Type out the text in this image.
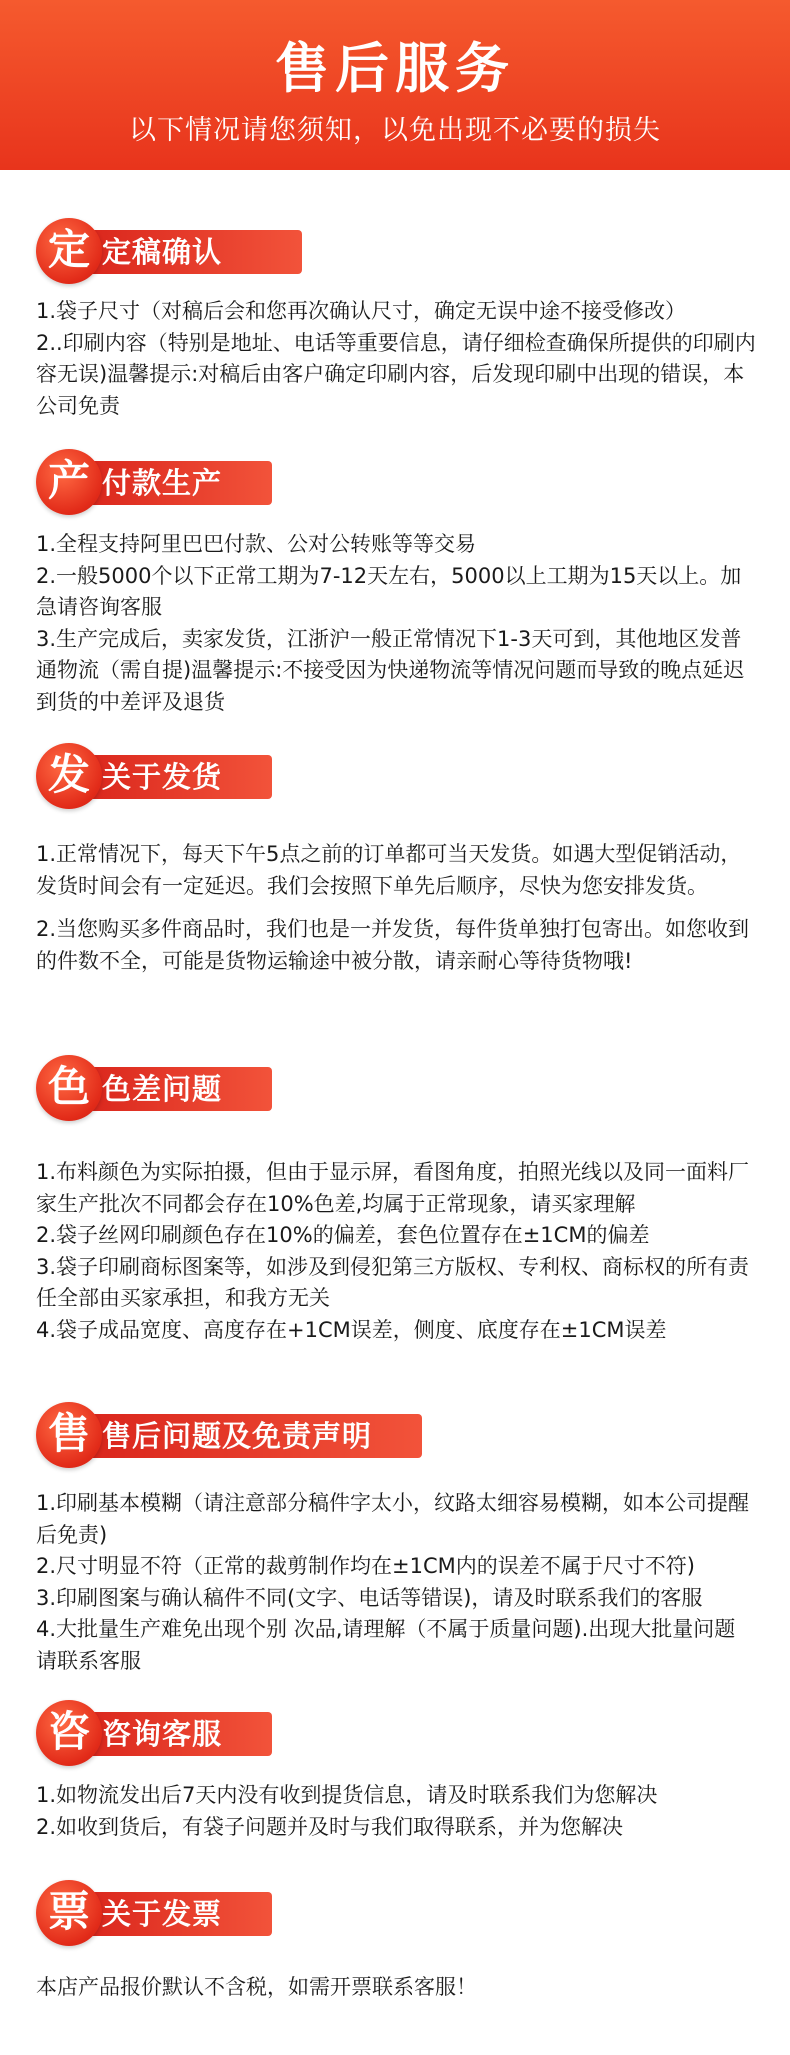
售后服务
以下情况请您须知，以免出现不必要的损失
定稿确认
定

1.袋子尺寸（对稿后会和您再次确认尺寸，确定无误中途不接受修改）

2..印刷内容（特别是地址、电话等重要信息，请仔细检查确保所提供的印刷内容无误)温馨提示:对稿后由客户确定印刷内容，后发现印刷中出现的错误，本公司免责

付款生产
产

1.全程支持阿里巴巴付款、公对公转账等等交易

2.一般5000个以下正常工期为7-12天左右，5000以上工期为15天以上。加急请咨询客服

3.生产完成后，卖家发货，江浙沪一般正常情况下1-3天可到，其他地区发普通物流（需自提)温馨提示:不接受因为快递物流等情况问题而导致的晚点延迟到货的中差评及退货

关于发货
发

1.正常情况下，每天下午5点之前的订单都可当天发货。如遇大型促销活动，发货时间会有一定延迟。我们会按照下单先后顺序，尽快为您安排发货。

2.当您购买多件商品时，我们也是一并发货，每件货单独打包寄出。如您收到的件数不全，可能是货物运输途中被分散，请亲耐心等待货物哦!

色差问题
色

1.布料颜色为实际拍摄，但由于显示屏，看图角度，拍照光线以及同一面料厂家生产批次不同都会存在10%色差,均属于正常现象，请买家理解

2.袋子丝网印刷颜色存在10%的偏差，套色位置存在±1CM的偏差

3.袋子印刷商标图案等，如涉及到侵犯第三方版权、专利权、商标权的所有责任全部由买家承担，和我方无关

4.袋子成品宽度、高度存在+1CM误差，侧度、底度存在±1CM误差

售后问题及免责声明
售

1.印刷基本模糊（请注意部分稿件字太小，纹路太细容易模糊，如本公司提醒后免责)

2.尺寸明显不符（正常的裁剪制作均在±1CM内的误差不属于尺寸不符)

3.印刷图案与确认稿件不同(文字、电话等错误)，请及时联系我们的客服

4.大批量生产难免出现个别 次品,请理解（不属于质量问题).出现大批量问题请联系客服

咨询客服
咨

1.如物流发出后7天内没有收到提货信息，请及时联系我们为您解决

2.如收到货后，有袋子问题并及时与我们取得联系，并为您解决

关于发票
票

本店产品报价默认不含税，如需开票联系客服！
